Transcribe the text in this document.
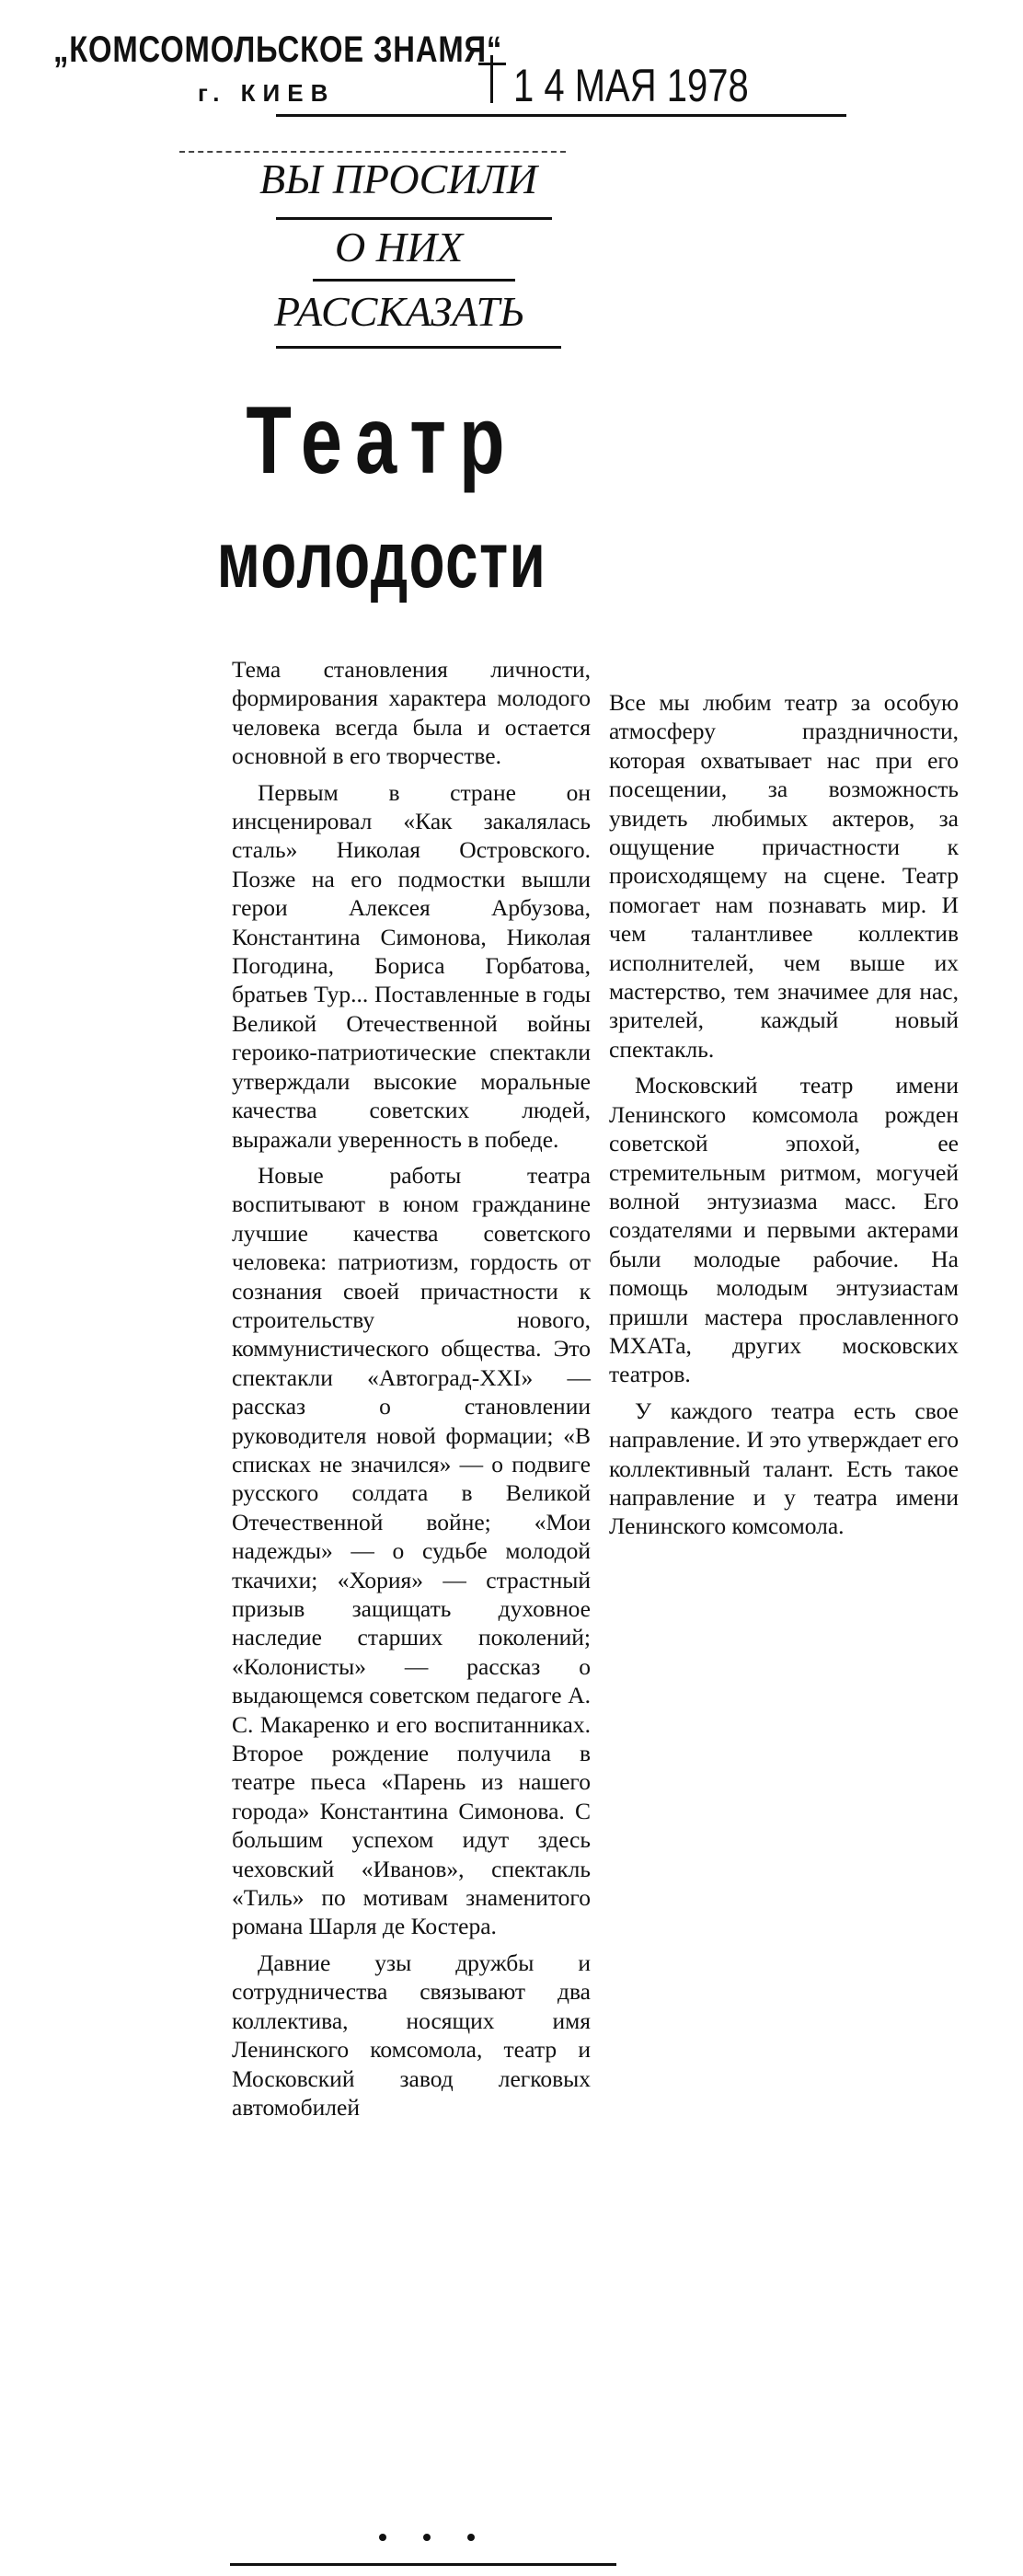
„КОМСОМОЛЬСКОЕ ЗНАМЯ“
г. КИЕВ	1 4 МАЯ 1978
ВЫ ПРОСИЛИ
О НИХ
РАССКАЗАТЬ
Театр
молодости

Тема становления личности, формирования характера молодого человека всегда была и остается основной в его творчестве.

Первым в стране он инсценировал «Как закалялась сталь» Николая Островского. Позже на его подмостки вышли герои Алексея Арбузова, Константина Симонова, Николая Погодина, Бориса Горбатова, братьев Тур... Поставленные в годы Великой Отечественной войны героико-патриотические спектакли утверждали высокие моральные качества советских людей, выражали уверенность в победе.

Новые работы театра воспитывают в юном гражданине лучшие качества советского человека: патриотизм, гордость от сознания своей причастности к строительству нового, коммунистического общества. Это спектакли «Автоград-XXI» — рассказ о становлении руководителя новой формации; «В списках не значился» — о подвиге русского солдата в Великой Отечественной войне; «Мои надежды» — о судьбе молодой ткачихи; «Хория» — страстный призыв защищать духовное наследие старших поколений; «Колонисты» — рассказ о выдающемся советском педагоге А. С. Макаренко и его воспитанниках. Второе рождение получила в театре пьеса «Парень из нашего города» Константина Симонова. С большим успехом идут здесь чеховский «Иванов», спектакль «Тиль» по мотивам знаменитого романа Шарля де Костера.

Давние узы дружбы и сотрудничества связывают два коллектива, носящих имя Ленинского комсомола, театр и Московский завод легковых автомобилей

Все мы любим театр за особую атмосферу праздничности, которая охватывает нас при его посещении, за возможность увидеть любимых актеров, за ощущение причастности к происходящему на сцене. Театр помогает нам познавать мир. И чем талантливее коллектив исполнителей, чем выше их мастерство, тем значимее для нас, зрителей, каждый новый спектакль.

Московский театр имени Ленинского комсомола рожден советской эпохой, ее стремительным ритмом, могучей волной энтузиазма масс. Его создателями и первыми актерами были молодые рабочие. На помощь молодым энтузиастам пришли мастера прославленного МХАТа, других московских театров.

У каждого театра есть свое направление. И это утверждает его коллективный талант. Есть такое направление и у театра имени Ленинского комсомола.
